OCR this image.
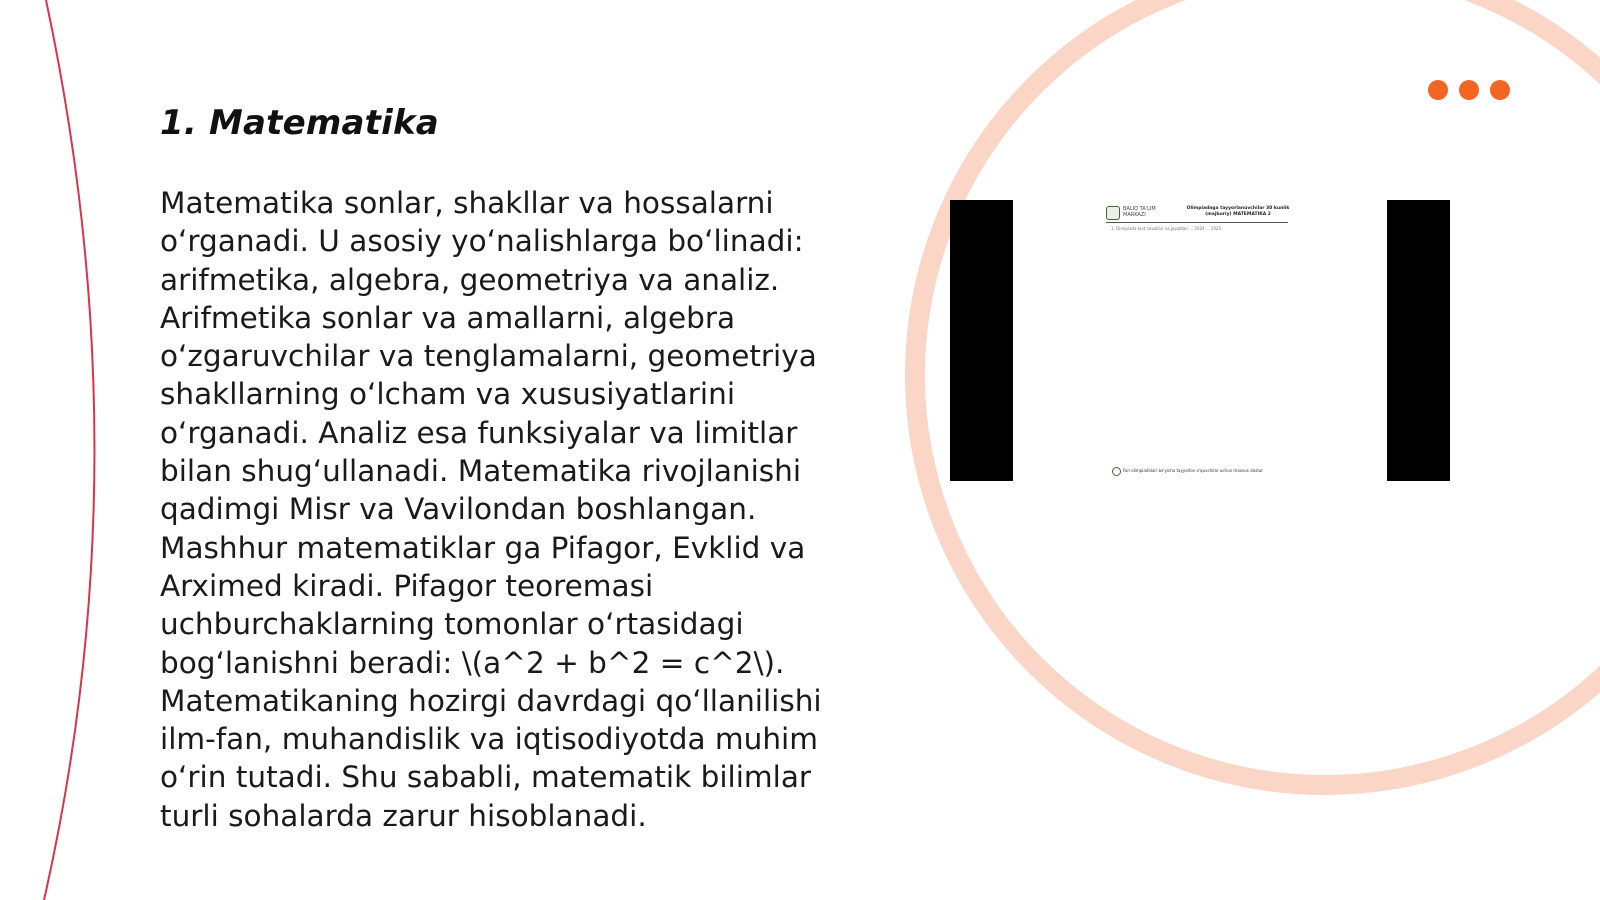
1. Matematika

Matematika sonlar, shakllar va hossalarni o‘rganadi. U asosiy yo‘nalishlarga bo‘linadi: arifmetika, algebra, geometriya va analiz. Arifmetika sonlar va amallarni, algebra o‘zgaruvchilar va tenglamalarni, geometriya shakllarning o‘lcham va xususiyatlarini o‘rganadi. Analiz esa funksiyalar va limitlar bilan shug‘ullanadi. Matematika rivojlanishi qadimgi Misr va Vavilondan boshlangan. Mashhur matematiklar ga Pifagor, Evklid va Arximed kiradi. Pifagor teoremasi uchburchaklarning tomonlar o‘rtasidagi bog‘lanishni beradi: \(a^2 + b^2 = c^2\). Matematikaning hozirgi davrdagi qo‘llanilishi ilm-fan, muhandislik va iqtisodiyotda muhim o‘rin tutadi. Shu sababli, matematik bilimlar turli sohalarda zarur hisoblanadi.

BALIQ TA'LIM MARKAZI
Olimpiadaga tayyorlanuvchilar 30 kunlik (majburiy) MATEMATIKA 2
1. Olimpiada test savollari va javoblari ... 2024 ... 2025
Fan olimpiadalari bo'yicha tayyorlov o'quvchilar uchun maxsus dastur
